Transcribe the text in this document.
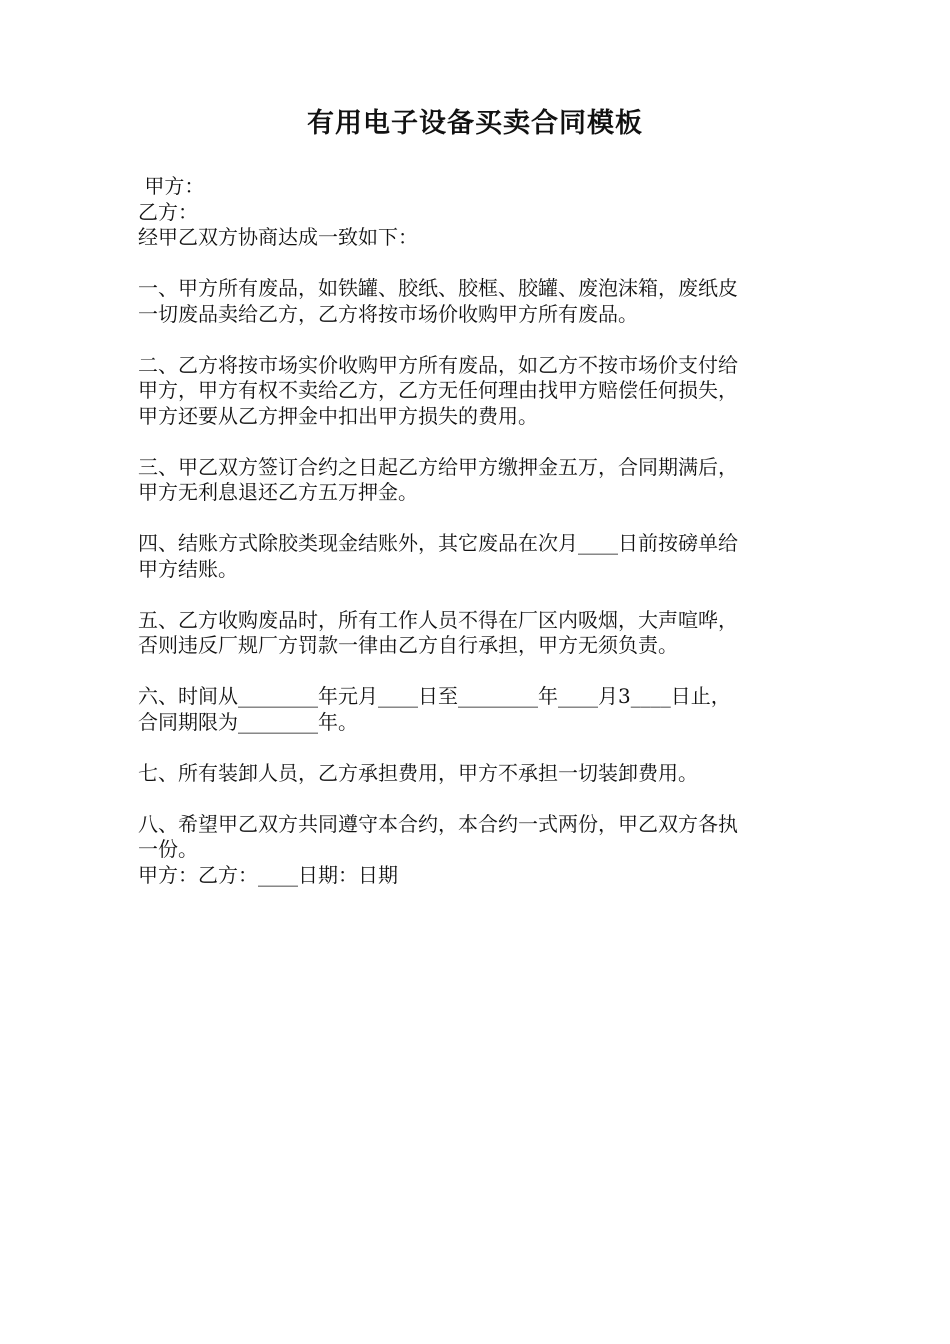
有用电子设备买卖合同模板
甲方：
乙方：
经甲乙双方协商达成一致如下：
一、甲方所有废品，如铁罐、胶纸、胶框、胶罐、废泡沫箱，废纸皮
一切废品卖给乙方，乙方将按市场价收购甲方所有废品。
二、乙方将按市场实价收购甲方所有废品，如乙方不按市场价支付给
甲方，甲方有权不卖给乙方，乙方无任何理由找甲方赔偿任何损失，
甲方还要从乙方押金中扣出甲方损失的费用。
三、甲乙双方签订合约之日起乙方给甲方缴押金五万，合同期满后，
甲方无利息退还乙方五万押金。
四、结账方式除胶类现金结账外，其它废品在次月____日前按磅单给
甲方结账。
五、乙方收购废品时，所有工作人员不得在厂区内吸烟，大声喧哗，
否则违反厂规厂方罚款一律由乙方自行承担，甲方无须负责。
六、时间从________年元月____日至________年____月3____日止，
合同期限为________年。
七、所有装卸人员，乙方承担费用，甲方不承担一切装卸费用。
八、希望甲乙双方共同遵守本合约，本合约一式两份，甲乙双方各执
一份。
甲方：乙方：____日期：日期
